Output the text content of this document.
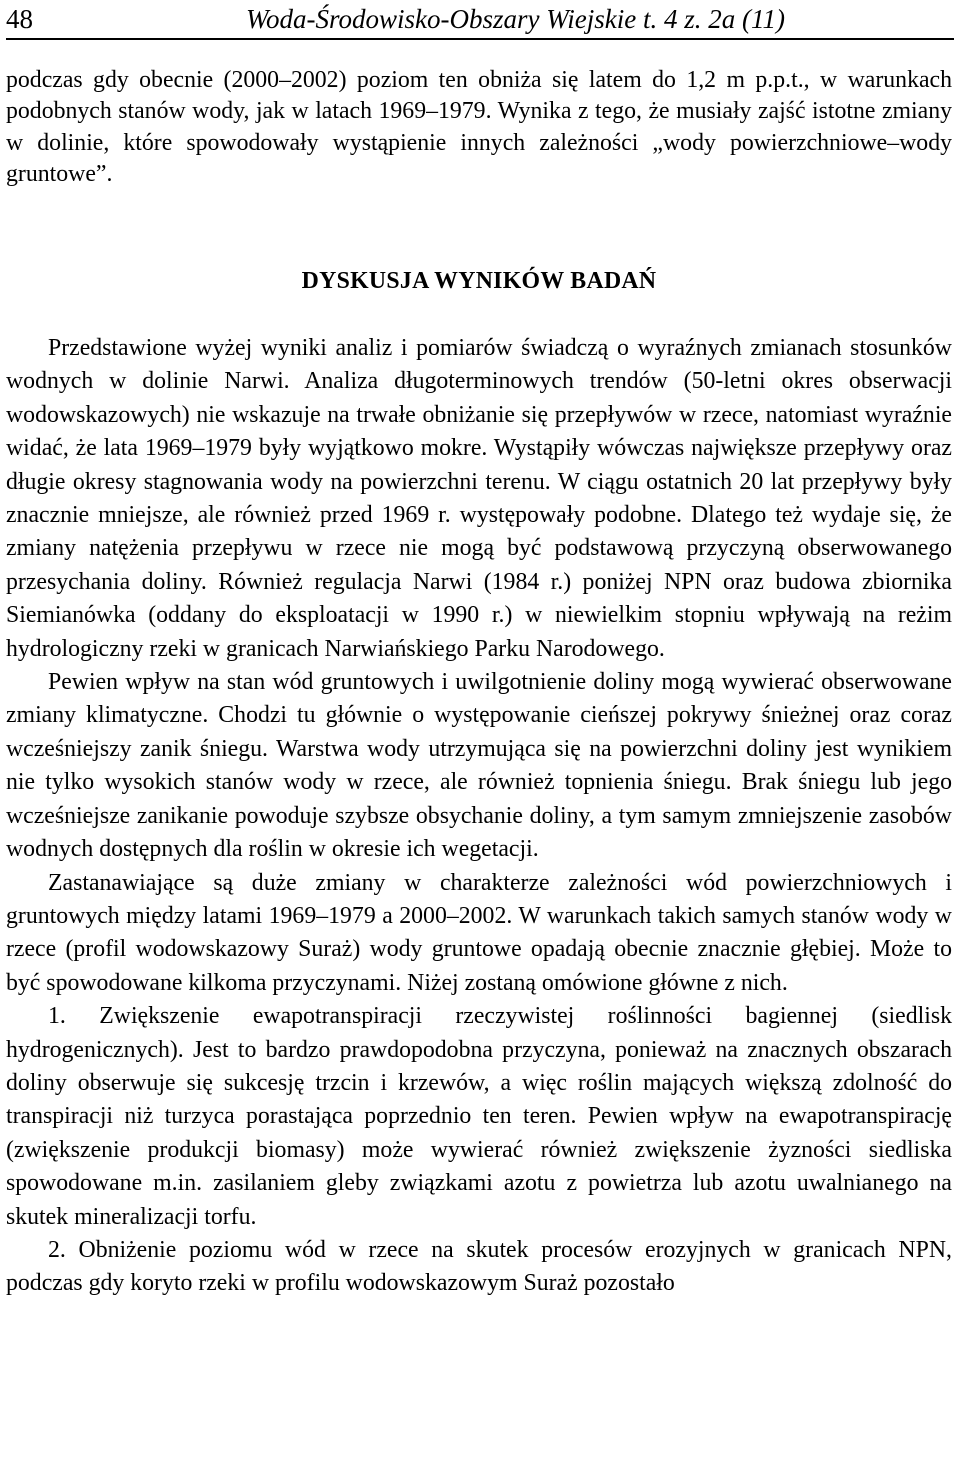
48	Woda-Środowisko-Obszary Wiejskie t. 4 z. 2a (11)

podczas gdy obecnie (2000–2002) poziom ten obniża się latem do 1,2 m p.p.t., w warunkach podobnych stanów wody, jak w latach 1969–1979. Wynika z tego, że musiały zajść istotne zmiany w dolinie, które spowodowały wystąpienie innych zależności „wody powierzchniowe–wody gruntowe”.

DYSKUSJA WYNIKÓW BADAŃ

Przedstawione wyżej wyniki analiz i pomiarów świadczą o wyraźnych zmianach stosunków wodnych w dolinie Narwi. Analiza długoterminowych trendów (50-letni okres obserwacji wodowskazowych) nie wskazuje na trwałe obniżanie się przepływów w rzece, natomiast wyraźnie widać, że lata 1969–1979 były wyjątkowo mokre. Wystąpiły wówczas największe przepływy oraz długie okresy stagnowania wody na powierzchni terenu. W ciągu ostatnich 20 lat przepływy były znacznie mniejsze, ale również przed 1969 r. występowały podobne. Dlatego też wydaje się, że zmiany natężenia przepływu w rzece nie mogą być podstawową przyczyną obserwowanego przesychania doliny. Również regulacja Narwi (1984 r.) poniżej NPN oraz budowa zbiornika Siemianówka (oddany do eksploatacji w 1990 r.) w niewielkim stopniu wpływają na reżim hydrologiczny rzeki w granicach Narwiańskiego Parku Narodowego.

Pewien wpływ na stan wód gruntowych i uwilgotnienie doliny mogą wywierać obserwowane zmiany klimatyczne. Chodzi tu głównie o występowanie cieńszej pokrywy śnieżnej oraz coraz wcześniejszy zanik śniegu. Warstwa wody utrzymująca się na powierzchni doliny jest wynikiem nie tylko wysokich stanów wody w rzece, ale również topnienia śniegu. Brak śniegu lub jego wcześniejsze zanikanie powoduje szybsze obsychanie doliny, a tym samym zmniejszenie zasobów wodnych dostępnych dla roślin w okresie ich wegetacji.

Zastanawiające są duże zmiany w charakterze zależności wód powierzchniowych i gruntowych między latami 1969–1979 a 2000–2002. W warunkach takich samych stanów wody w rzece (profil wodowskazowy Suraż) wody gruntowe opadają obecnie znacznie głębiej. Może to być spowodowane kilkoma przyczynami. Niżej zostaną omówione główne z nich.

1. Zwiększenie ewapotranspiracji rzeczywistej roślinności bagiennej (siedlisk hydrogenicznych). Jest to bardzo prawdopodobna przyczyna, ponieważ na znacznych obszarach doliny obserwuje się sukcesję trzcin i krzewów, a więc roślin mających większą zdolność do transpiracji niż turzyca porastająca poprzednio ten teren. Pewien wpływ na ewapotranspirację (zwiększenie produkcji biomasy) może wywierać również zwiększenie żyzności siedliska spowodowane m.in. zasilaniem gleby związkami azotu z powietrza lub azotu uwalnianego na skutek mineralizacji torfu.

2. Obniżenie poziomu wód w rzece na skutek procesów erozyjnych w granicach NPN, podczas gdy koryto rzeki w profilu wodowskazowym Suraż pozostało
